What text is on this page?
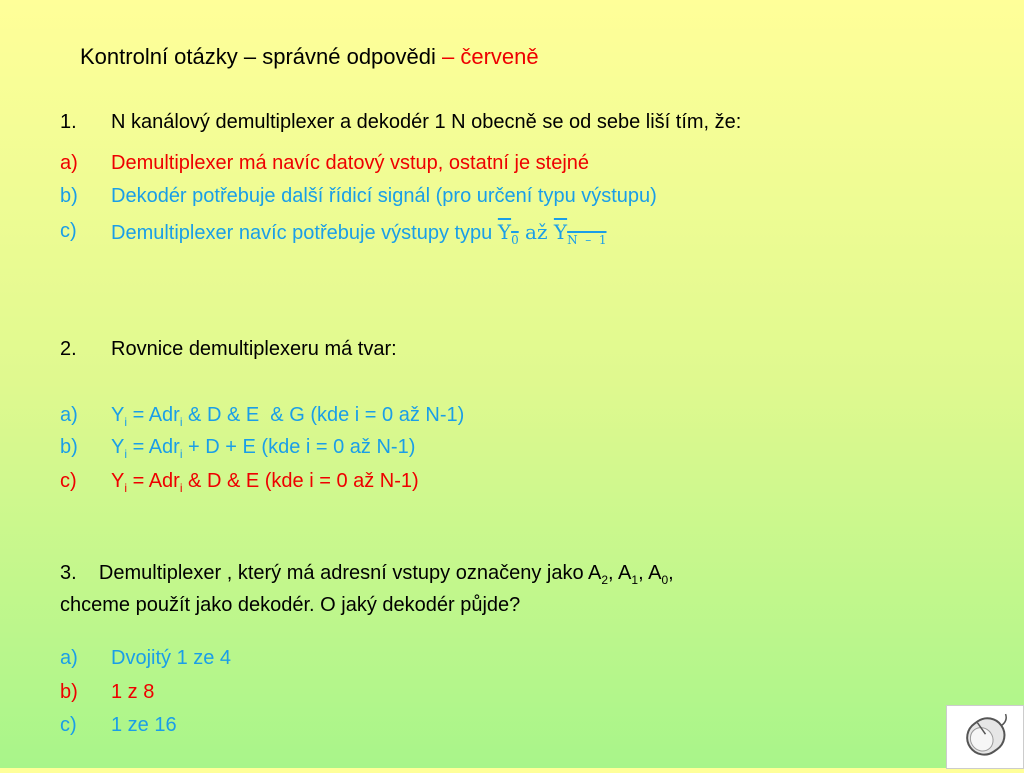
Kontrolní otázky – správné odpovědi – červeně
1. N kanálový demultiplexer a dekodér 1 N obecně se od sebe liší tím, že:
a) Demultiplexer má navíc datový vstup, ostatní je stejné
b) Dekodér potřebuje další řídicí signál (pro určení typu výstupu)
c) Demultiplexer navíc potřebuje výstupy typu $Y_0$ až $Y_{N - 1}$
2. Rovnice demultiplexeru má tvar:
a) $Y_i = Adr_i$ & D & E  & G (kde i = 0 až N-1)
b) $Y_i = Adr_i + D + E$ (kde i = 0 až N-1)
c) $Y_i = Adr_i$ & D & E (kde i = 0 až N-1)
3.    Demultiplexer , který má adresní vstupy označeny jako $A_2$, $A_1$, $A_0$,
chceme použít jako dekodér. O jaký dekodér půjde?
a) Dvojitý 1 ze 4
b) 1 z 8
c) 1 ze 16
